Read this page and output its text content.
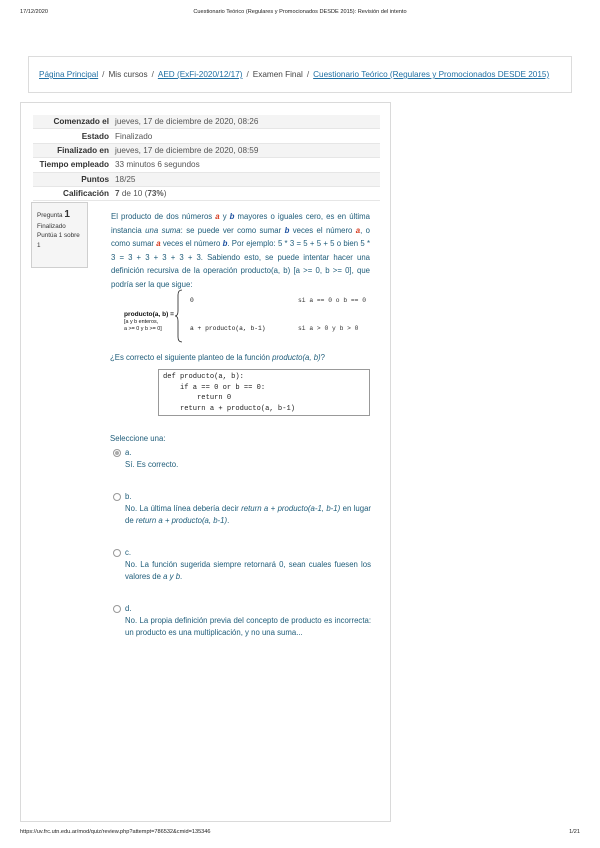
17/12/2020	Cuestionario Teórico (Regulares y Promocionados DESDE 2015): Revisión del intento
Página Principal / Mis cursos / AED (ExFi-2020/12/17) / Examen Final / Cuestionario Teórico (Regulares y Promocionados DESDE 2015)
Comenzado el	jueves, 17 de diciembre de 2020, 08:26
Estado	Finalizado
Finalizado en	jueves, 17 de diciembre de 2020, 08:59
Tiempo empleado	33 minutos 6 segundos
Puntos	18/25
Calificación	7 de 10 (73%)
Pregunta 1
Finalizado
Puntúa 1 sobre 1
El producto de dos números a y b mayores o iguales cero, es en última instancia una suma: se puede ver como sumar b veces el número a, o como sumar a veces el número b. Por ejemplo: 5 * 3 = 5 + 5 + 5 o bien 5 * 3 = 3 + 3 + 3 + 3 + 3. Sabiendo esto, se puede intentar hacer una definición recursiva de la operación producto(a, b) [a >= 0, b >= 0], que podría ser la que sigue:
producto(a, b) =
[a y b enteros,
a >= 0 y b >= 0]
0	si a == 0 o b == 0
a + producto(a, b-1)	si a > 0 y b > 0
¿Es correcto el siguiente planteo de la función producto(a, b)?
def producto(a, b):
if a == 0 or b == 0:
return 0
return a + producto(a, b-1)
Seleccione una:
a.
Sí. Es correcto.
b.
No. La última línea debería decir return a + producto(a-1, b-1) en lugar de return a + producto(a, b-1).
c.
No. La función sugerida siempre retornará 0, sean cuales fuesen los valores de a y b.
d.
No. La propia definición previa del concepto de producto es incorrecta: un producto es una multiplicación, y no una suma...
https://uv.frc.utn.edu.ar/mod/quiz/review.php?attempt=786532&cmid=135346	1/21
